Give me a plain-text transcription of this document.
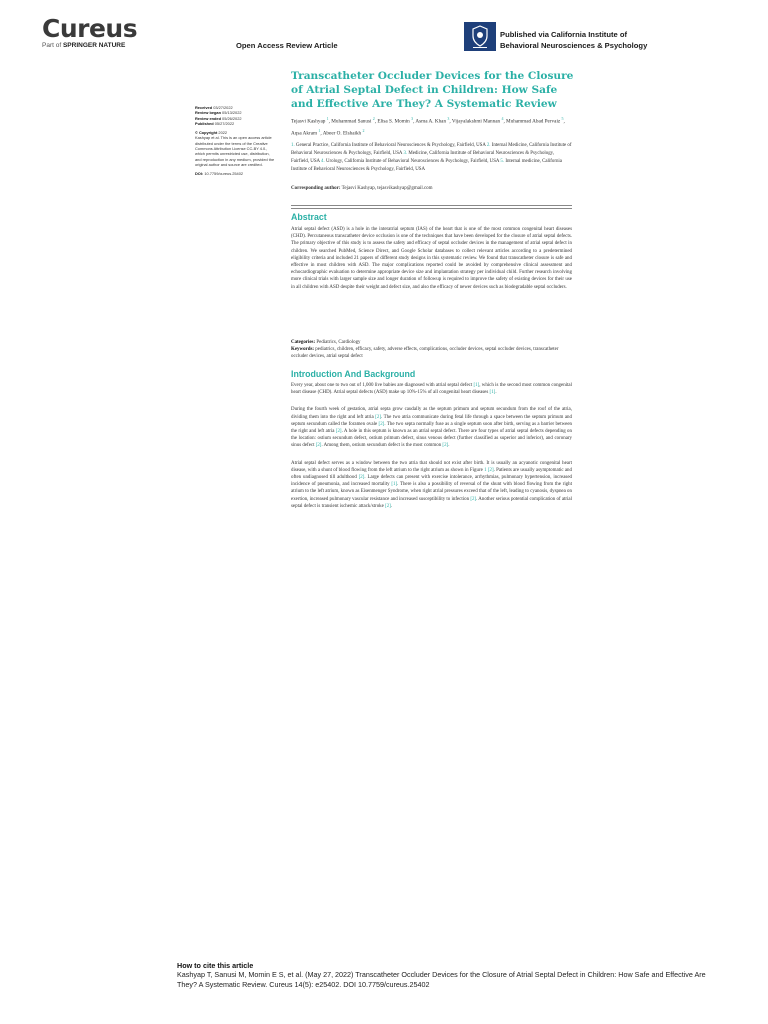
Cureus
Part of SPRINGER NATURE	Open Access Review Article
Published via California Institute of
Behavioral Neurosciences & Psychology
Received 03/27/2022
Review began 05/13/2022
Review ended 05/26/2022
Published 05/27/2022
© Copyright 2022
Kashyap et al. This is an open access article distributed under the terms of the Creative Commons Attribution License CC-BY 4.0., which permits unrestricted use, distribution, and reproduction in any medium, provided the original author and source are credited.
DOI: 10.7759/cureus.25402
Transcatheter Occluder Devices for the Closure of Atrial Septal Defect in Children: How Safe and Effective Are They? A Systematic Review
Tejasvi Kashyap $^1$, Muhammad Sanusi $^2$, Elisa S. Momin $^3$, Asma A. Khan $^3$, Vijayalakshmi Mannan $^4$, Muhammad Abad Pervaiz $^5$, Aqsa Akram $^1$, Abeer O. Elshaikh $^2$
1. General Practice, California Institute of Behavioral Neurosciences & Psychology, Fairfield, USA 2. Internal Medicine, California Institute of Behavioral Neurosciences & Psychology, Fairfield, USA 3. Medicine, California Institute of Behavioral Neurosciences & Psychology, Fairfield, USA 4. Urology, California Institute of Behavioral Neurosciences & Psychology, Fairfield, USA 5. Internal medicine, California Institute of Behavioral Neurosciences & Psychology, Fairfield, USA
Corresponding author: Tejasvi Kashyap, tejasvikashyap@gmail.com
Abstract

Atrial septal defect (ASD) is a hole in the interatrial septum (IAS) of the heart that is one of the most common congenital heart diseases (CHD). Percutaneous transcatheter device occlusion is one of the techniques that have been developed for the closure of atrial septal defects. The primary objective of this study is to assess the safety and efficacy of septal occluder devices in the management of atrial septal defect in children. We searched PubMed, Science Direct, and Google Scholar databases to collect relevant articles according to a predetermined eligibility criteria and included 21 papers of different study designs in this systematic review. We found that transcatheter closure is safe and effective in most children with ASD. The major complications reported could be avoided by comprehensive clinical assessment and echocardiographic evaluation to determine appropriate device size and implantation strategy per individual child. Further research involving more clinical trials with larger sample size and longer duration of followup is required to improve the safety of existing devices for their use in all children with ASD despite their weight and defect size, and also the efficacy of newer devices such as biodegradable septal occluders.

Categories: Pediatrics, Cardiology
Keywords: pediatrics, children, efficacy, safety, adverse effects, complications, occluder devices, septal occluder devices, transcatheter occluder devices, atrial septal defect
Introduction And Background

Every year, about one to two out of 1,000 live babies are diagnosed with atrial septal defect [1], which is the second most common congenital heart disease (CHD). Atrial septal defects (ASD) make up 10%-15% of all congenital heart diseases [1].

During the fourth week of gestation, atrial septa grow caudally as the septum primum and septum secundum from the roof of the atria, dividing them into the right and left atria [2]. The two atria communicate during fetal life through a space between the septum primum and septum secundum called the foramen ovale [2]. The two septa normally fuse as a single septum soon after birth, serving as a barrier between the right and left atria [2]. A hole in this septum is known as an atrial septal defect. There are four types of atrial septal defects depending on the location: ostium secundum defect, ostium primum defect, sinus venous defect (further classified as superior and inferior), and coronary sinus defect [2]. Among them, ostium secundum defect is the most common [2].

Atrial septal defect serves as a window between the two atria that should not exist after birth. It is usually an acyanotic congenital heart disease, with a shunt of blood flowing from the left atrium to the right atrium as shown in Figure 1 [2]. Patients are usually asymptomatic and often undiagnosed till adulthood [2]. Large defects can present with exercise intolerance, arrhythmias, pulmonary hypertension, increased incidence of pneumonia, and increased mortality [1]. There is also a possibility of reversal of the shunt with blood flowing from the right atrium to the left atrium, known as Eisenmenger Syndrome, when right atrial pressures exceed that of the left, leading to cyanosis, dyspnea on exertion, increased pulmonary vascular resistance and increased susceptibility to infection [2]. Another serious potential complication of atrial septal defect is transient ischemic attack/stroke [2].

How to cite this article
Kashyap T, Sanusi M, Momin E S, et al. (May 27, 2022) Transcatheter Occluder Devices for the Closure of Atrial Septal Defect in Children: How Safe and Effective Are They? A Systematic Review. Cureus 14(5): e25402. DOI 10.7759/cureus.25402
